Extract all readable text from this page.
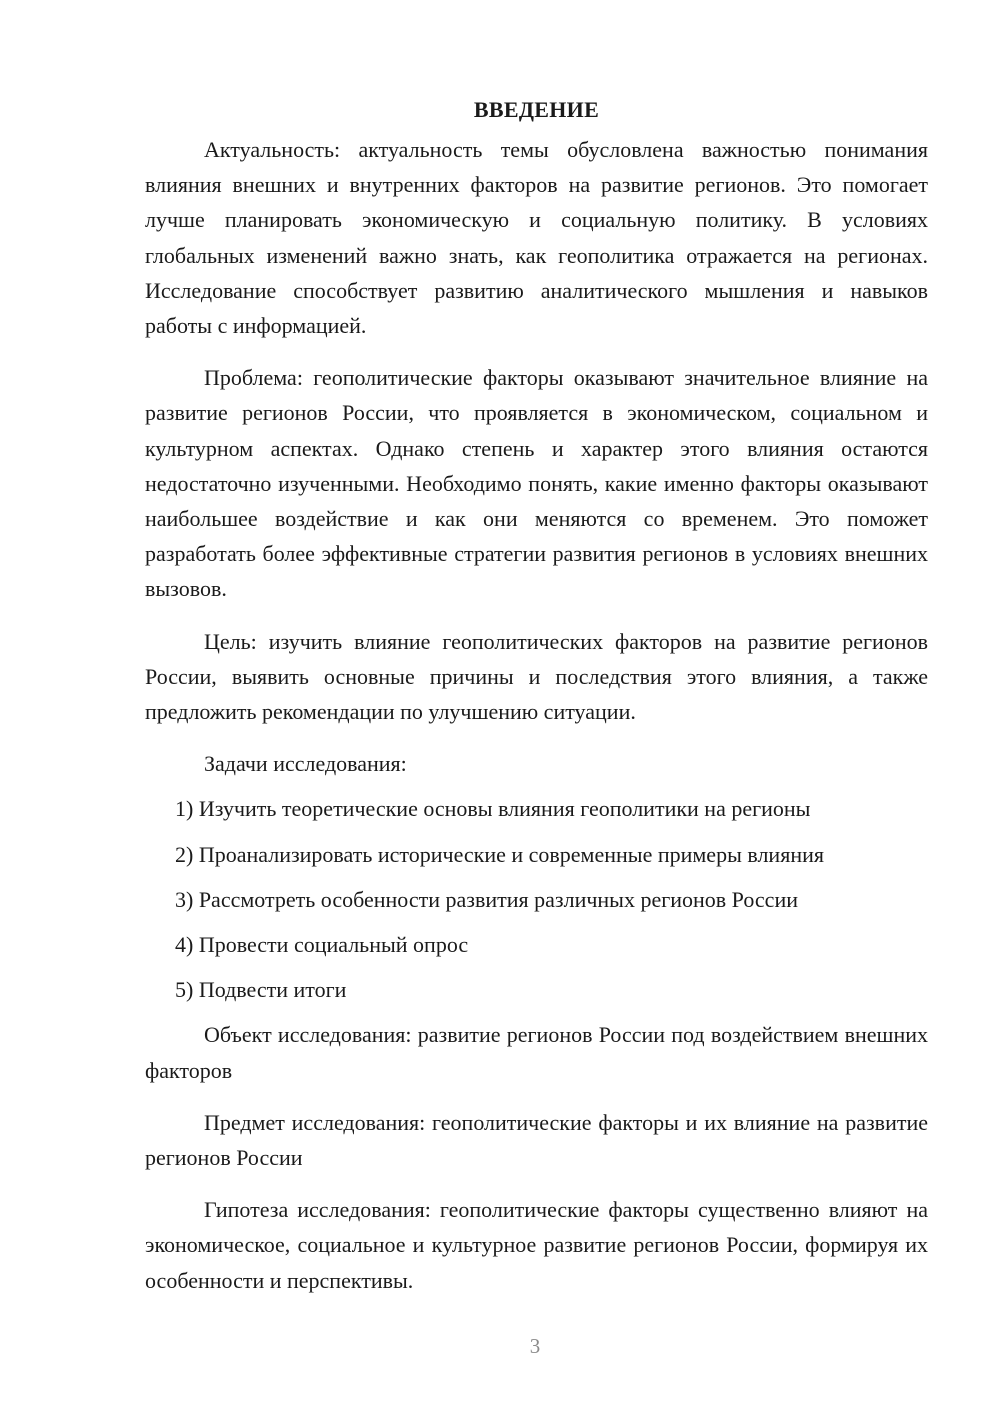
ВВЕДЕНИЕ

Актуальность: актуальность темы обусловлена важностью понимания влияния внешних и внутренних факторов на развитие регионов. Это помогает лучше планировать экономическую и социальную политику. В условиях глобальных изменений важно знать, как геополитика отражается на регионах. Исследование способствует развитию аналитического мышления и навыков работы с информацией.

Проблема: геополитические факторы оказывают значительное влияние на развитие регионов России, что проявляется в экономическом, социальном и культурном аспектах. Однако степень и характер этого влияния остаются недостаточно изученными. Необходимо понять, какие именно факторы оказывают наибольшее воздействие и как они меняются со временем. Это поможет разработать более эффективные стратегии развития регионов в условиях внешних вызовов.

Цель: изучить влияние геополитических факторов на развитие регионов России, выявить основные причины и последствия этого влияния, а также предложить рекомендации по улучшению ситуации.

Задачи исследования:

1) Изучить теоретические основы влияния геополитики на регионы
2) Проанализировать исторические и современные примеры влияния
3) Рассмотреть особенности развития различных регионов России
4) Провести социальный опрос
5) Подвести итоги

Объект исследования: развитие регионов России под воздействием внешних факторов

Предмет исследования: геополитические факторы и их влияние на развитие регионов России

Гипотеза исследования: геополитические факторы существенно влияют на экономическое, социальное и культурное развитие регионов России, формируя их особенности и перспективы.

3
